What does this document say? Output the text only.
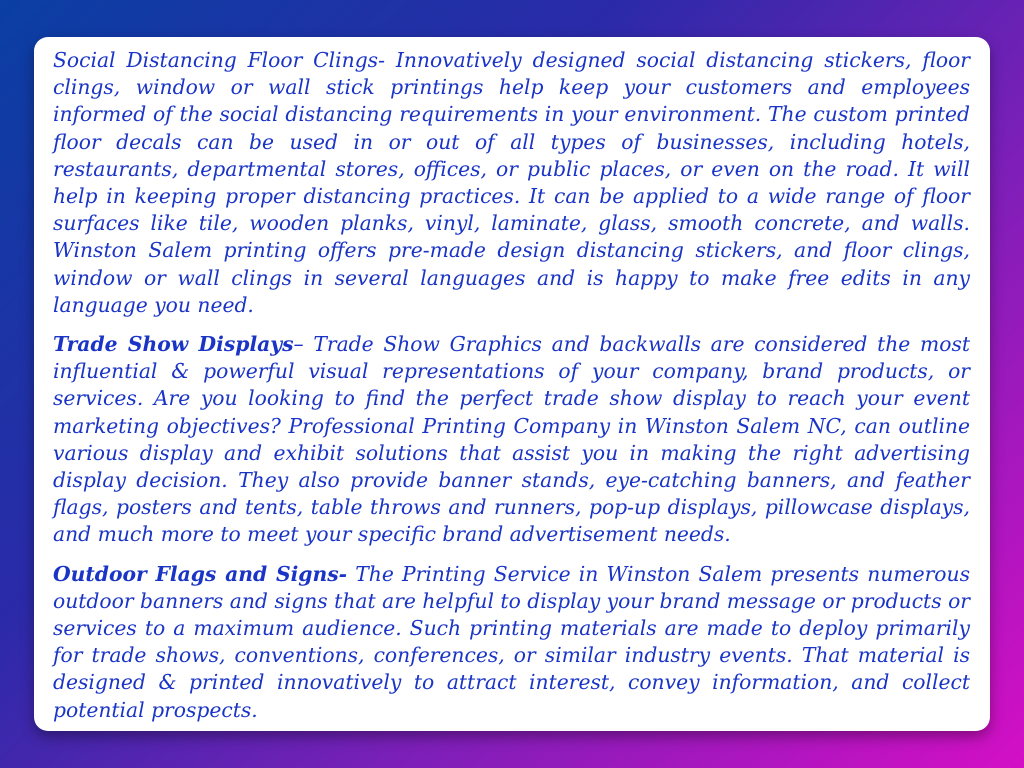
Social Distancing Floor Clings- Innovatively designed social distancing stickers, floor clings, window or wall stick printings help keep your customers and employees informed of the social distancing requirements in your environment. The custom printed floor decals can be used in or out of all types of businesses, including hotels, restaurants, departmental stores, offices, or public places, or even on the road. It will help in keeping proper distancing practices. It can be applied to a wide range of floor surfaces like tile, wooden planks, vinyl, laminate, glass, smooth concrete, and walls. Winston Salem printing offers pre-made design distancing stickers, and floor clings, window or wall clings in several languages and is happy to make free edits in any language you need.

Trade Show Displays– Trade Show Graphics and backwalls are considered the most influential & powerful visual representations of your company, brand products, or services. Are you looking to find the perfect trade show display to reach your event marketing objectives? Professional Printing Company in Winston Salem NC, can outline various display and exhibit solutions that assist you in making the right advertising display decision. They also provide banner stands, eye-catching banners, and feather flags, posters and tents, table throws and runners, pop-up displays, pillowcase displays, and much more to meet your specific brand advertisement needs.

Outdoor Flags and Signs- The Printing Service in Winston Salem presents numerous outdoor banners and signs that are helpful to display your brand message or products or services to a maximum audience. Such printing materials are made to deploy primarily for trade shows, conventions, conferences, or similar industry events. That material is designed & printed innovatively to attract interest, convey information, and collect potential prospects.
